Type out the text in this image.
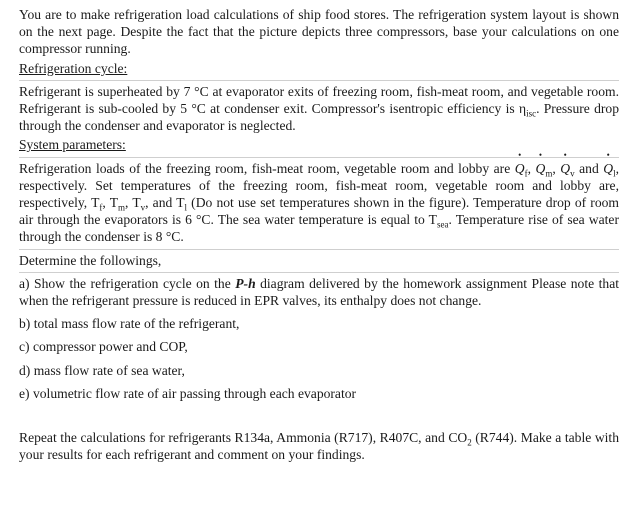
You are to make refrigeration load calculations of ship food stores. The refrigeration system layout is shown on the next page. Despite the fact that the picture depicts three compressors, base your calculations on one compressor running.

Refrigeration cycle:

Refrigerant is superheated by 7 °C at evaporator exits of freezing room, fish-meat room, and vegetable room. Refrigerant is sub-cooled by 5 °C at condenser exit. Compressor's isentropic efficiency is $\eta_{isc}$. Pressure drop through the condenser and evaporator is neglected.

System parameters:

Refrigeration loads of the freezing room, fish-meat room, vegetable room and lobby are • $Q_f$, • $Q_m$, • $Q_v$ and • $Q_l$, respectively. Set temperatures of the freezing room, fish-meat room, vegetable room and lobby are, respectively, $T_f$, $T_m$, $T_v$, and $T_l$ (Do not use set temperatures shown in the figure). Temperature drop of room air through the evaporators is 6 °C. The sea water temperature is equal to $T_{sea}$. Temperature rise of sea water through the condenser is 8 °C.

Determine the followings,

a) Show the refrigeration cycle on the P-h diagram delivered by the homework assignment Please note that when the refrigerant pressure is reduced in EPR valves, its enthalpy does not change.

b) total mass flow rate of the refrigerant,

c) compressor power and COP,

d) mass flow rate of sea water,

e) volumetric flow rate of air passing through each evaporator

Repeat the calculations for refrigerants R134a, Ammonia (R717), R407C, and $CO_2$ (R744). Make a table with your results for each refrigerant and comment on your findings.
